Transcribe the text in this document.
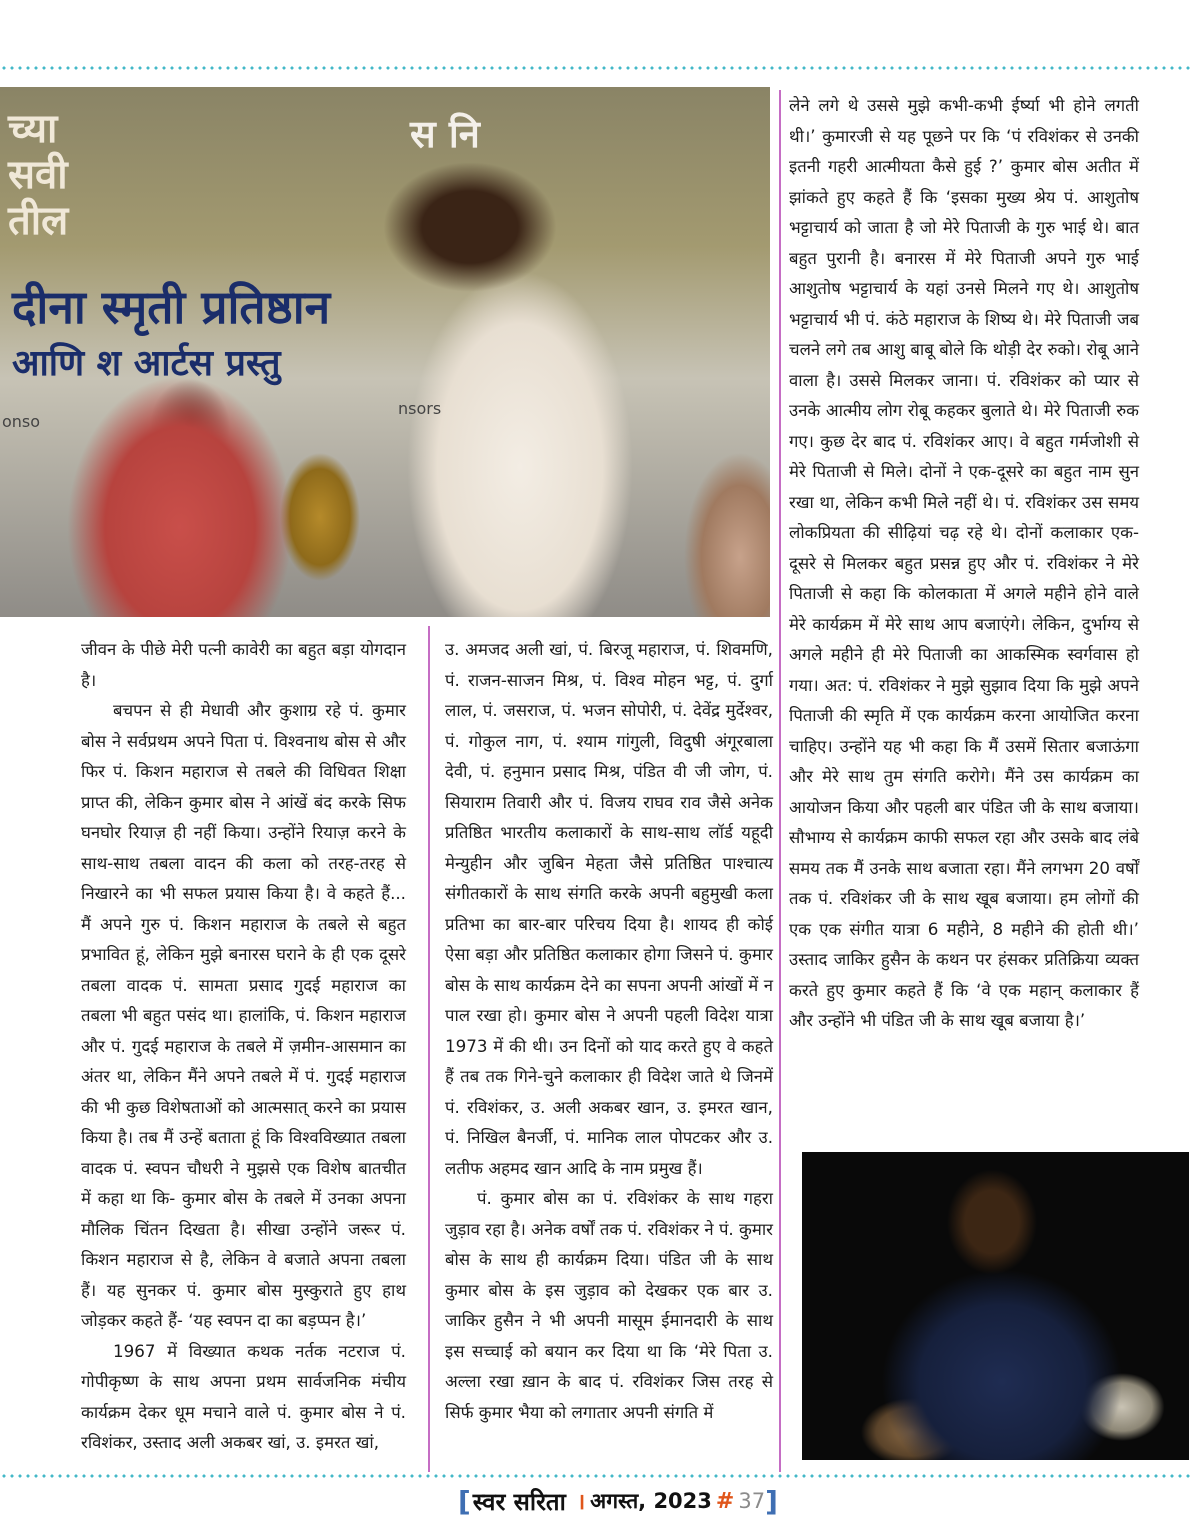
च्या
सवी
तील
स नि
दीना स्मृती प्रतिष्ठान
आणि श आर्टस प्रस्तु
onso
nsors

जीवन के पीछे मेरी पत्नी कावेरी का बहुत बड़ा योगदान है।

बचपन से ही मेधावी और कुशाग्र रहे पं. कुमार बोस ने सर्वप्रथम अपने पिता पं. विश्वनाथ बोस से और फिर पं. किशन महाराज से तबले की विधिवत शिक्षा प्राप्त की, लेकिन कुमार बोस ने आंखें बंद करके सिफ घनघोर रियाज़ ही नहीं किया। उन्होंने रियाज़ करने के साथ-साथ तबला वादन की कला को तरह-तरह से निखारने का भी सफल प्रयास किया है। वे कहते हैं... मैं अपने गुरु पं. किशन महाराज के तबले से बहुत प्रभावित हूं, लेकिन मुझे बनारस घराने के ही एक दूसरे तबला वादक पं. सामता प्रसाद गुदई महाराज का तबला भी बहुत पसंद था। हालांकि, पं. किशन महाराज और पं. गुदई महाराज के तबले में ज़मीन-आसमान का अंतर था, लेकिन मैंने अपने तबले में पं. गुदई महाराज की भी कुछ विशेषताओं को आत्मसात् करने का प्रयास किया है। तब मैं उन्हें बताता हूं कि विश्वविख्यात तबला वादक पं. स्वपन चौधरी ने मुझसे एक विशेष बातचीत में कहा था कि- कुमार बोस के तबले में उनका अपना मौलिक चिंतन दिखता है। सीखा उन्होंने जरूर पं. किशन महाराज से है, लेकिन वे बजाते अपना तबला हैं। यह सुनकर पं. कुमार बोस मुस्कुराते हुए हाथ जोड़कर कहते हैं- ‘यह स्वपन दा का बड़प्पन है।’

1967 में विख्यात कथक नर्तक नटराज पं. गोपीकृष्ण के साथ अपना प्रथम सार्वजनिक मंचीय कार्यक्रम देकर धूम मचाने वाले पं. कुमार बोस ने पं. रविशंकर, उस्ताद अली अकबर खां, उ. इमरत खां,

उ. अमजद अली खां, पं. बिरजू महाराज, पं. शिवमणि, पं. राजन-साजन मिश्र, पं. विश्व मोहन भट्ट, पं. दुर्गा लाल, पं. जसराज, पं. भजन सोपोरी, पं. देवेंद्र मुर्देश्वर, पं. गोकुल नाग, पं. श्याम गांगुली, विदुषी अंगूरबाला देवी, पं. हनुमान प्रसाद मिश्र, पंडित वी जी जोग, पं. सियाराम तिवारी और पं. विजय राघव राव जैसे अनेक प्रतिष्ठित भारतीय कलाकारों के साथ-साथ लॉर्ड यहूदी मेन्युहीन और जुबिन मेहता जैसे प्रतिष्ठित पाश्चात्य संगीतकारों के साथ संगति करके अपनी बहुमुखी कला प्रतिभा का बार-बार परिचय दिया है। शायद ही कोई ऐसा बड़ा और प्रतिष्ठित कलाकार होगा जिसने पं. कुमार बोस के साथ कार्यक्रम देने का सपना अपनी आंखों में न पाल रखा हो। कुमार बोस ने अपनी पहली विदेश यात्रा 1973 में की थी। उन दिनों को याद करते हुए वे कहते हैं तब तक गिने-चुने कलाकार ही विदेश जाते थे जिनमें पं. रविशंकर, उ. अली अकबर खान, उ. इमरत खान, पं. निखिल बैनर्जी, पं. मानिक लाल पोपटकर और उ. लतीफ अहमद खान आदि के नाम प्रमुख हैं।

पं. कुमार बोस का पं. रविशंकर के साथ गहरा जुड़ाव रहा है। अनेक वर्षों तक पं. रविशंकर ने पं. कुमार बोस के साथ ही कार्यक्रम दिया। पंडित जी के साथ कुमार बोस के इस जुड़ाव को देखकर एक बार उ. जाकिर हुसैन ने भी अपनी मासूम ईमानदारी के साथ इस सच्चाई को बयान कर दिया था कि ‘मेरे पिता उ. अल्ला रखा ख़ान के बाद पं. रविशंकर जिस तरह से सिर्फ कुमार भैया को लगातार अपनी संगति में

लेने लगे थे उससे मुझे कभी-कभी ईर्ष्या भी होने लगती थी।’ कुमारजी से यह पूछने पर कि ‘पं रविशंकर से उनकी इतनी गहरी आत्मीयता कैसे हुई ?’ कुमार बोस अतीत में झांकते हुए कहते हैं कि ‘इसका मुख्य श्रेय पं. आशुतोष भट्टाचार्य को जाता है जो मेरे पिताजी के गुरु भाई थे। बात बहुत पुरानी है। बनारस में मेरे पिताजी अपने गुरु भाई आशुतोष भट्टाचार्य के यहां उनसे मिलने गए थे। आशुतोष भट्टाचार्य भी पं. कंठे महाराज के शिष्य थे। मेरे पिताजी जब चलने लगे तब आशु बाबू बोले कि थोड़ी देर रुको। रोबू आने वाला है। उससे मिलकर जाना। पं. रविशंकर को प्यार से उनके आत्मीय लोग रोबू कहकर बुलाते थे। मेरे पिताजी रुक गए। कुछ देर बाद पं. रविशंकर आए। वे बहुत गर्मजोशी से मेरे पिताजी से मिले। दोनों ने एक-दूसरे का बहुत नाम सुन रखा था, लेकिन कभी मिले नहीं थे। पं. रविशंकर उस समय लोकप्रियता की सीढ़ियां चढ़ रहे थे। दोनों कलाकार एक-दूसरे से मिलकर बहुत प्रसन्न हुए और पं. रविशंकर ने मेरे पिताजी से कहा कि कोलकाता में अगले महीने होने वाले मेरे कार्यक्रम में मेरे साथ आप बजाएंगे। लेकिन, दुर्भाग्य से अगले महीने ही मेरे पिताजी का आकस्मिक स्वर्गवास हो गया। अत: पं. रविशंकर ने मुझे सुझाव दिया कि मुझे अपने पिताजी की स्मृति में एक कार्यक्रम करना आयोजित करना चाहिए। उन्होंने यह भी कहा कि मैं उसमें सितार बजाऊंगा और मेरे साथ तुम संगति करोगे। मैंने उस कार्यक्रम का आयोजन किया और पहली बार पंडित जी के साथ बजाया। सौभाग्य से कार्यक्रम काफी सफल रहा और उसके बाद लंबे समय तक मैं उनके साथ बजाता रहा। मैंने लगभग 20 वर्षों तक पं. रविशंकर जी के साथ खूब बजाया। हम लोगों की एक एक संगीत यात्रा 6 महीने, 8 महीने की होती थी।’ उस्ताद जाकिर हुसैन के कथन पर हंसकर प्रतिक्रिया व्यक्त करते हुए कुमार कहते हैं कि ‘वे एक महान् कलाकार हैं और उन्होंने भी पंडित जी के साथ खूब बजाया है।’

[ स्वर सरिता । अगस्त, 2023 # 37 ]
